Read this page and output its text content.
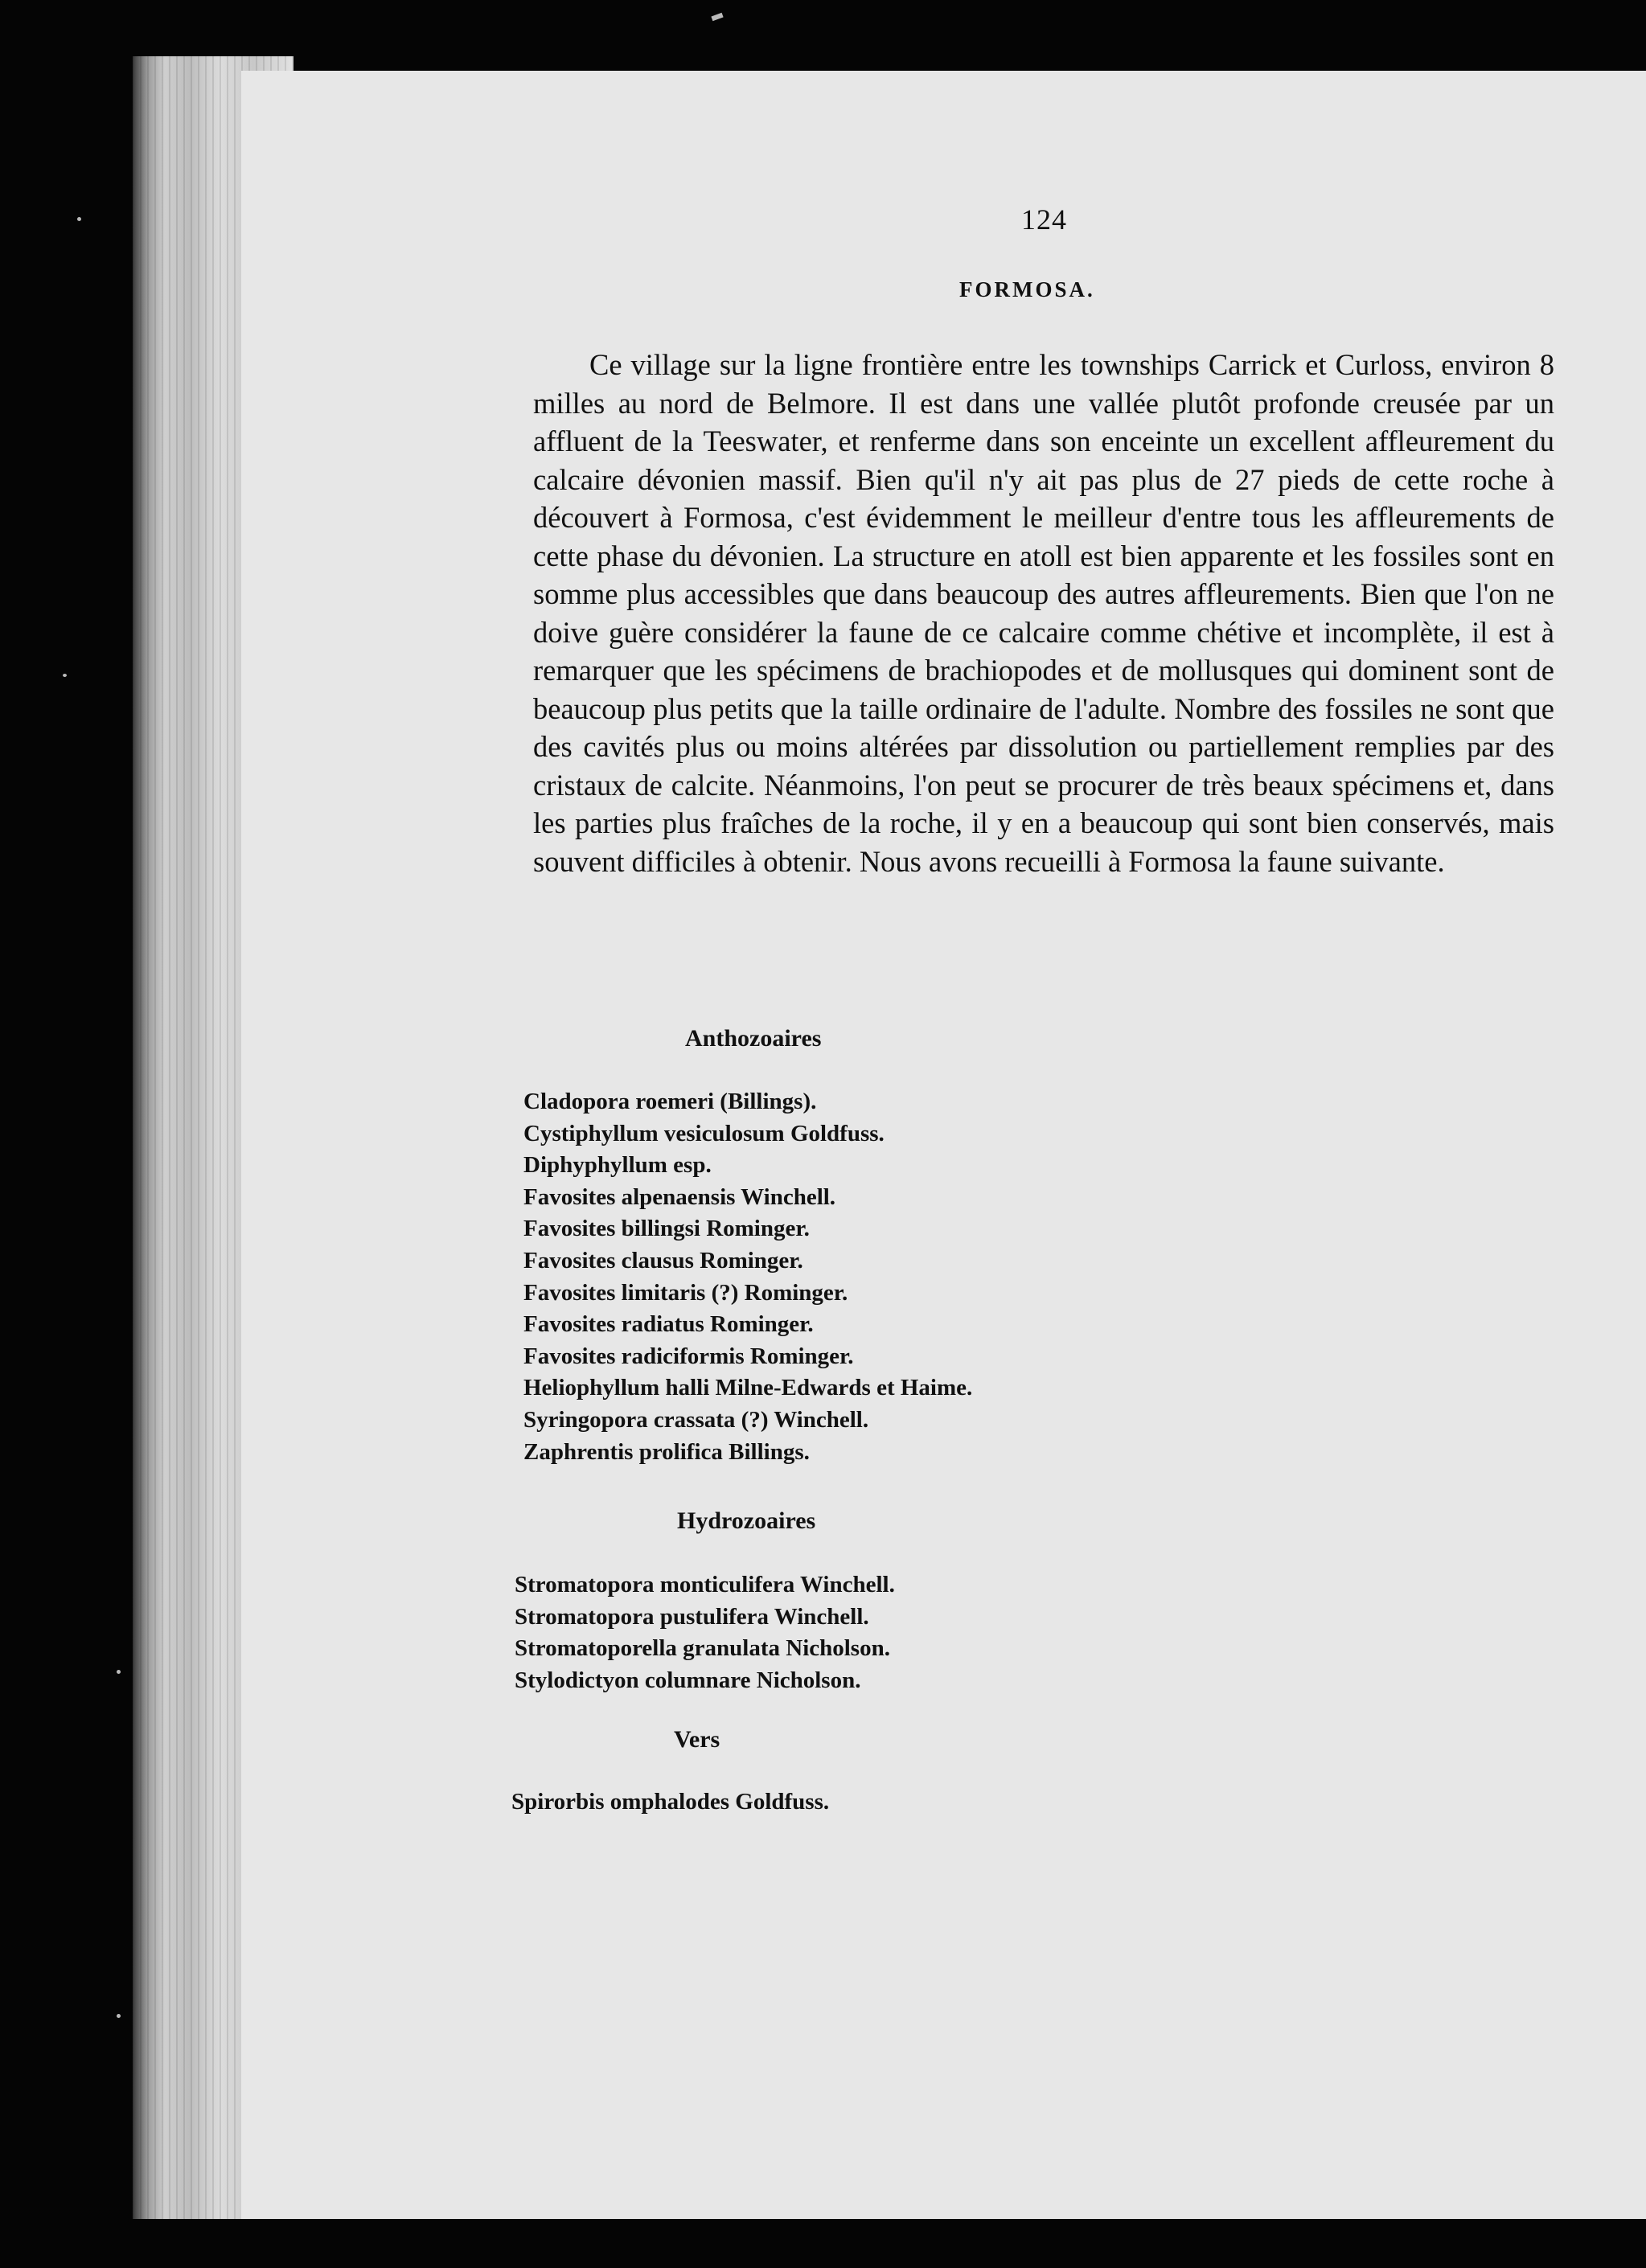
124
FORMOSA.

Ce village sur la ligne frontière entre les townships Carrick et Curloss, environ 8 milles au nord de Belmore. Il est dans une vallée plutôt profonde creusée par un affluent de la Teeswater, et renferme dans son enceinte un excellent affleurement du calcaire dévonien massif. Bien qu'il n'y ait pas plus de 27 pieds de cette roche à découvert à Formosa, c'est évidemment le meilleur d'entre tous les affleurements de cette phase du dévonien. La structure en atoll est bien apparente et les fossiles sont en somme plus accessibles que dans beaucoup des autres affleurements. Bien que l'on ne doive guère considérer la faune de ce calcaire comme chétive et incomplète, il est à remarquer que les spécimens de brachiopodes et de mollusques qui dominent sont de beaucoup plus petits que la taille ordinaire de l'adulte. Nombre des fossiles ne sont que des cavités plus ou moins altérées par dissolution ou partiellement remplies par des cristaux de calcite. Néanmoins, l'on peut se procurer de très beaux spécimens et, dans les parties plus fraîches de la roche, il y en a beaucoup qui sont bien conservés, mais souvent difficiles à obtenir. Nous avons recueilli à Formosa la faune suivante.

Anthozoaires
Cladopora roemeri (Billings).
Cystiphyllum vesiculosum Goldfuss.
Diphyphyllum esp.
Favosites alpenaensis Winchell.
Favosites billingsi Rominger.
Favosites clausus Rominger.
Favosites limitaris (?) Rominger.
Favosites radiatus Rominger.
Favosites radiciformis Rominger.
Heliophyllum halli Milne-Edwards et Haime.
Syringopora crassata (?) Winchell.
Zaphrentis prolifica Billings.
Hydrozoaires
Stromatopora monticulifera Winchell.
Stromatopora pustulifera Winchell.
Stromatoporella granulata Nicholson.
Stylodictyon columnare Nicholson.
Vers
Spirorbis omphalodes Goldfuss.
